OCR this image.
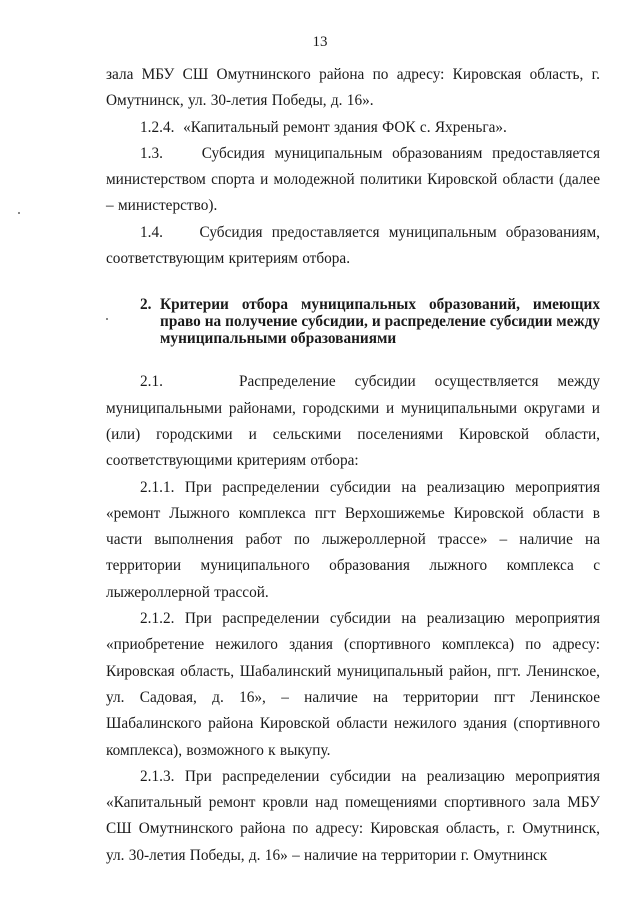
13

зала МБУ СШ Омутнинского района по адресу: Кировская область, г. Омутнинск, ул. 30-летия Победы, д. 16».

1.2.4.  «Капитальный ремонт здания ФОК с. Яхреньга».

1.3.    Субсидия муниципальным образованиям предоставляется министерством спорта и молодежной политики Кировской области (далее – министерство).

1.4.    Субсидия предоставляется муниципальным образованиям, соответствующим критериям отбора.

2. Критерии отбора муниципальных образований, имеющих право на получение субсидии, и распределение субсидии между муниципальными образованиями

2.1.    Распределение субсидии осуществляется между муниципальными районами, городскими и муниципальными округами и (или) городскими и сельскими поселениями Кировской области, соответствующими критериям отбора:

2.1.1. При распределении субсидии на реализацию мероприятия «ремонт Лыжного комплекса пгт Верхошижемье Кировской области в части выполнения работ по лыжероллерной трассе» – наличие на территории муниципального образования лыжного комплекса с лыжероллерной трассой.

2.1.2. При распределении субсидии на реализацию мероприятия «приобретение нежилого здания (спортивного комплекса) по адресу: Кировская область, Шабалинский муниципальный район, пгт. Ленинское, ул. Садовая, д. 16», – наличие на территории пгт Ленинское Шабалинского района Кировской области нежилого здания (спортивного комплекса), возможного к выкупу.

2.1.3. При распределении субсидии на реализацию мероприятия «Капитальный ремонт кровли над помещениями спортивного зала МБУ СШ Омутнинского района по адресу: Кировская область, г. Омутнинск, ул. 30-летия Победы, д. 16» – наличие на территории г. Омутнинск
